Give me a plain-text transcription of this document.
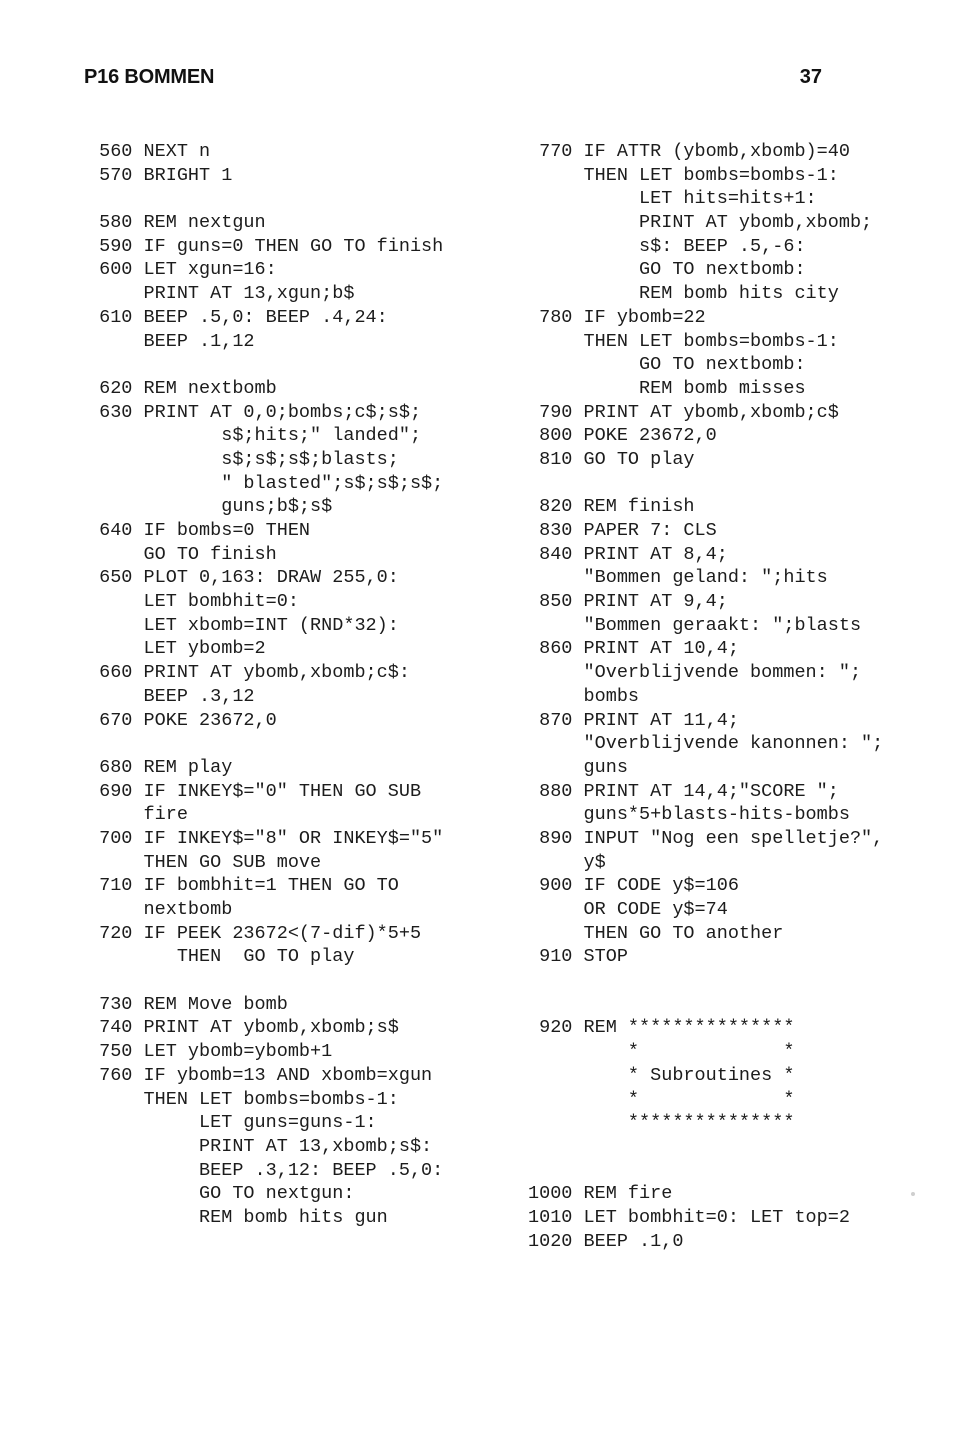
P16 BOMMEN	37
560 NEXT n
570 BRIGHT 1
580 REM nextgun
590 IF guns=0 THEN GO TO finish
600 LET xgun=16:
PRINT AT 13,xgun;b$
610 BEEP .5,0: BEEP .4,24:
BEEP .1,12
620 REM nextbomb
630 PRINT AT 0,0;bombs;c$;s$;
s$;hits;" landed";
s$;s$;s$;blasts;
" blasted";s$;s$;s$;
guns;b$;s$
640 IF bombs=0 THEN
GO TO finish
650 PLOT 0,163: DRAW 255,0:
LET bombhit=0:
LET xbomb=INT (RND*32):
LET ybomb=2
660 PRINT AT ybomb,xbomb;c$:
BEEP .3,12
670 POKE 23672,0
680 REM play
690 IF INKEY$="0" THEN GO SUB
fire
700 IF INKEY$="8" OR INKEY$="5"
THEN GO SUB move
710 IF bombhit=1 THEN GO TO
nextbomb
720 IF PEEK 23672<(7-dif)*5+5
THEN  GO TO play
730 REM Move bomb
740 PRINT AT ybomb,xbomb;s$
750 LET ybomb=ybomb+1
760 IF ybomb=13 AND xbomb=xgun
THEN LET bombs=bombs-1:
LET guns=guns-1:
PRINT AT 13,xbomb;s$:
BEEP .3,12: BEEP .5,0:
GO TO nextgun:
REM bomb hits gun
770 IF ATTR (ybomb,xbomb)=40
THEN LET bombs=bombs-1:
LET hits=hits+1:
PRINT AT ybomb,xbomb;
s$: BEEP .5,-6:
GO TO nextbomb:
REM bomb hits city
780 IF ybomb=22
THEN LET bombs=bombs-1:
GO TO nextbomb:
REM bomb misses
790 PRINT AT ybomb,xbomb;c$
800 POKE 23672,0
810 GO TO play
820 REM finish
830 PAPER 7: CLS
840 PRINT AT 8,4;
"Bommen geland: ";hits
850 PRINT AT 9,4;
"Bommen geraakt: ";blasts
860 PRINT AT 10,4;
"Overblijvende bommen: ";
bombs
870 PRINT AT 11,4;
"Overblijvende kanonnen: ";
guns
880 PRINT AT 14,4;"SCORE ";
guns*5+blasts-hits-bombs
890 INPUT "Nog een spelletje?",
y$
900 IF CODE y$=106
OR CODE y$=74
THEN GO TO another
910 STOP
920 REM ***************
*             *
* Subroutines *
*             *
***************
1000 REM fire
1010 LET bombhit=0: LET top=2
1020 BEEP .1,0
